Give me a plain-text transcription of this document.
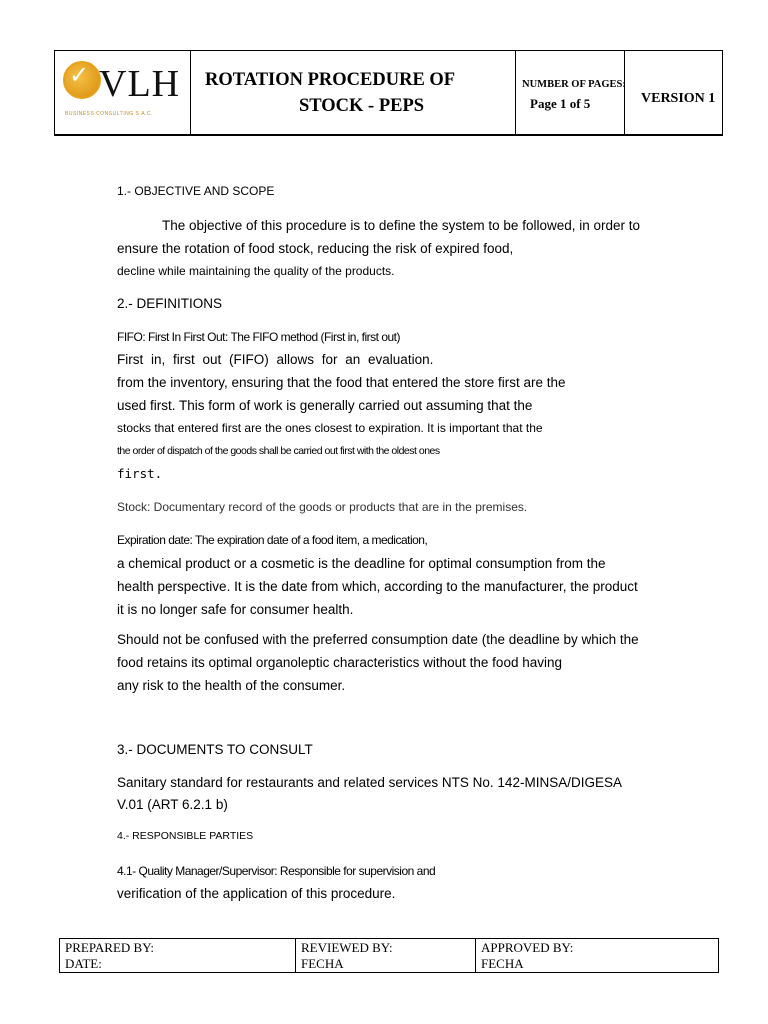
✓ VLH
BUSINESS CONSULTING S.A.C.
ROTATION PROCEDURE OF
STOCK - PEPS
NUMBER OF PAGES:
Page 1 of 5	VERSION 1
1.- OBJECTIVE AND SCOPE
The objective of this procedure is to define the system to be followed, in order to
ensure the rotation of food stock, reducing the risk of expired food,
decline while maintaining the quality of the products.
2.- DEFINITIONS
FIFO: First In First Out: The FIFO method (First in, first out)
First in, first out (FIFO) allows for an evaluation.
from the inventory, ensuring that the food that entered the store first are the
used first. This form of work is generally carried out assuming that the
stocks that entered first are the ones closest to expiration. It is important that the
the order of dispatch of the goods shall be carried out first with the oldest ones
first.
Stock: Documentary record of the goods or products that are in the premises.
Expiration date: The expiration date of a food item, a medication,
a chemical product or a cosmetic is the deadline for optimal consumption from the
health perspective. It is the date from which, according to the manufacturer, the product
it is no longer safe for consumer health.
Should not be confused with the preferred consumption date (the deadline by which the
food retains its optimal organoleptic characteristics without the food having
any risk to the health of the consumer.
3.- DOCUMENTS TO CONSULT
Sanitary standard for restaurants and related services NTS No. 142-MINSA/DIGESA
V.01 (ART 6.2.1 b)
4.- RESPONSIBLE PARTIES
4.1- Quality Manager/Supervisor: Responsible for supervision and
verification of the application of this procedure.
PREPARED BY:
DATE:
REVIEWED BY:
FECHA
APPROVED BY:
FECHA
